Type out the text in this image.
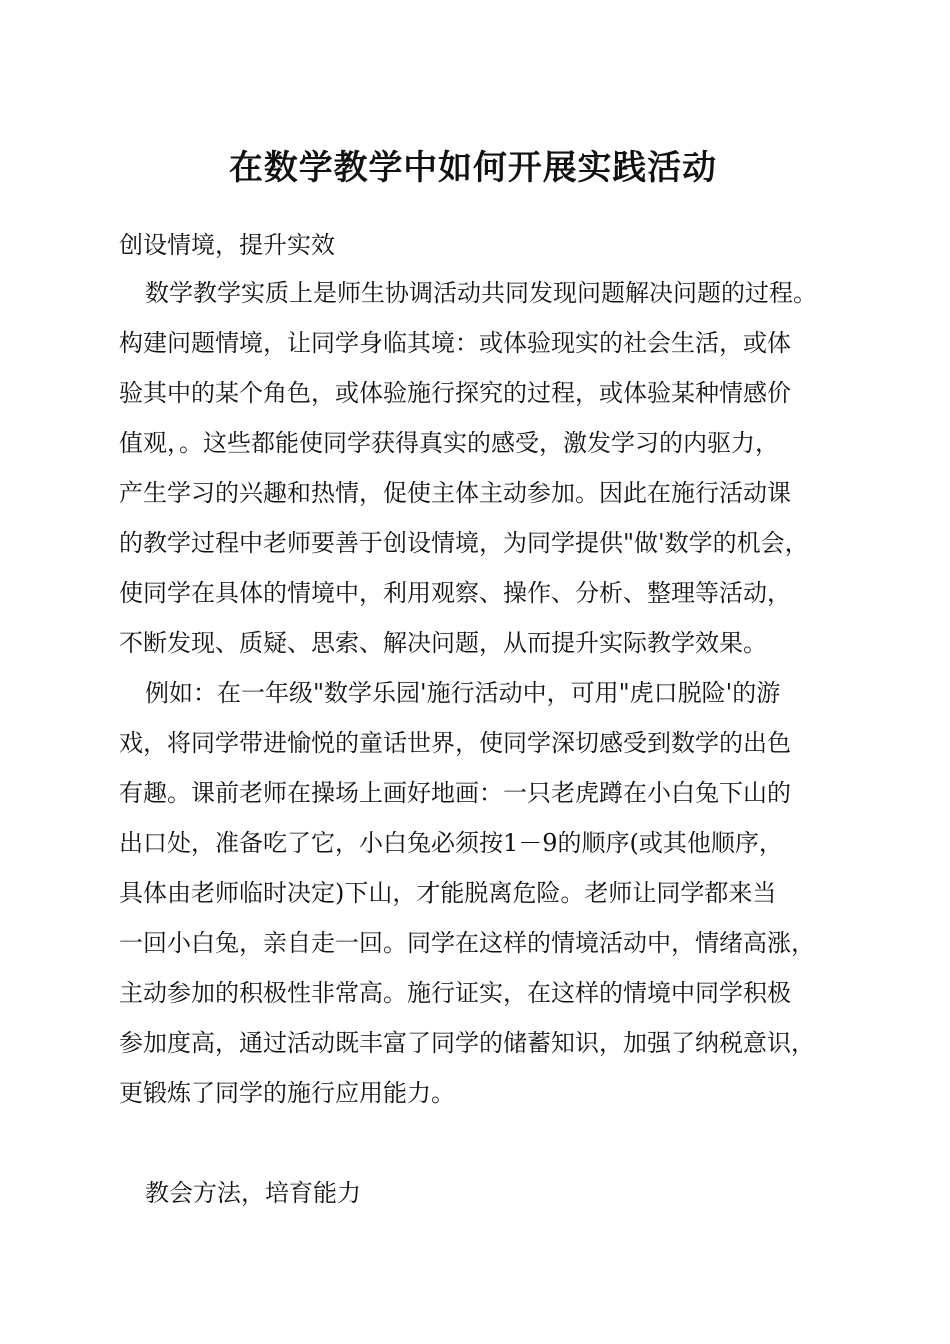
在数学教学中如何开展实践活动
创设情境，提升实效
数学教学实质上是师生协调活动共同发现问题解决问题的过程。
构建问题情境，让同学身临其境：或体验现实的社会生活，或体
验其中的某个角色，或体验施行探究的过程，或体验某种情感价
值观，。这些都能使同学获得真实的感受，激发学习的内驱力，
产生学习的兴趣和热情，促使主体主动参加。因此在施行活动课
的教学过程中老师要善于创设情境，为同学提供"做'数学的机会，
使同学在具体的情境中，利用观察、操作、分析、整理等活动，
不断发现、质疑、思索、解决问题，从而提升实际教学效果。
例如：在一年级"数学乐园'施行活动中，可用"虎口脱险'的游
戏，将同学带进愉悦的童话世界，使同学深切感受到数学的出色
有趣。课前老师在操场上画好地画：一只老虎蹲在小白兔下山的
出口处，准备吃了它，小白兔必须按1－9的顺序(或其他顺序，
具体由老师临时决定)下山，才能脱离危险。老师让同学都来当
一回小白兔，亲自走一回。同学在这样的情境活动中，情绪高涨，
主动参加的积极性非常高。施行证实，在这样的情境中同学积极
参加度高，通过活动既丰富了同学的储蓄知识，加强了纳税意识，
更锻炼了同学的施行应用能力。
教会方法，培育能力
